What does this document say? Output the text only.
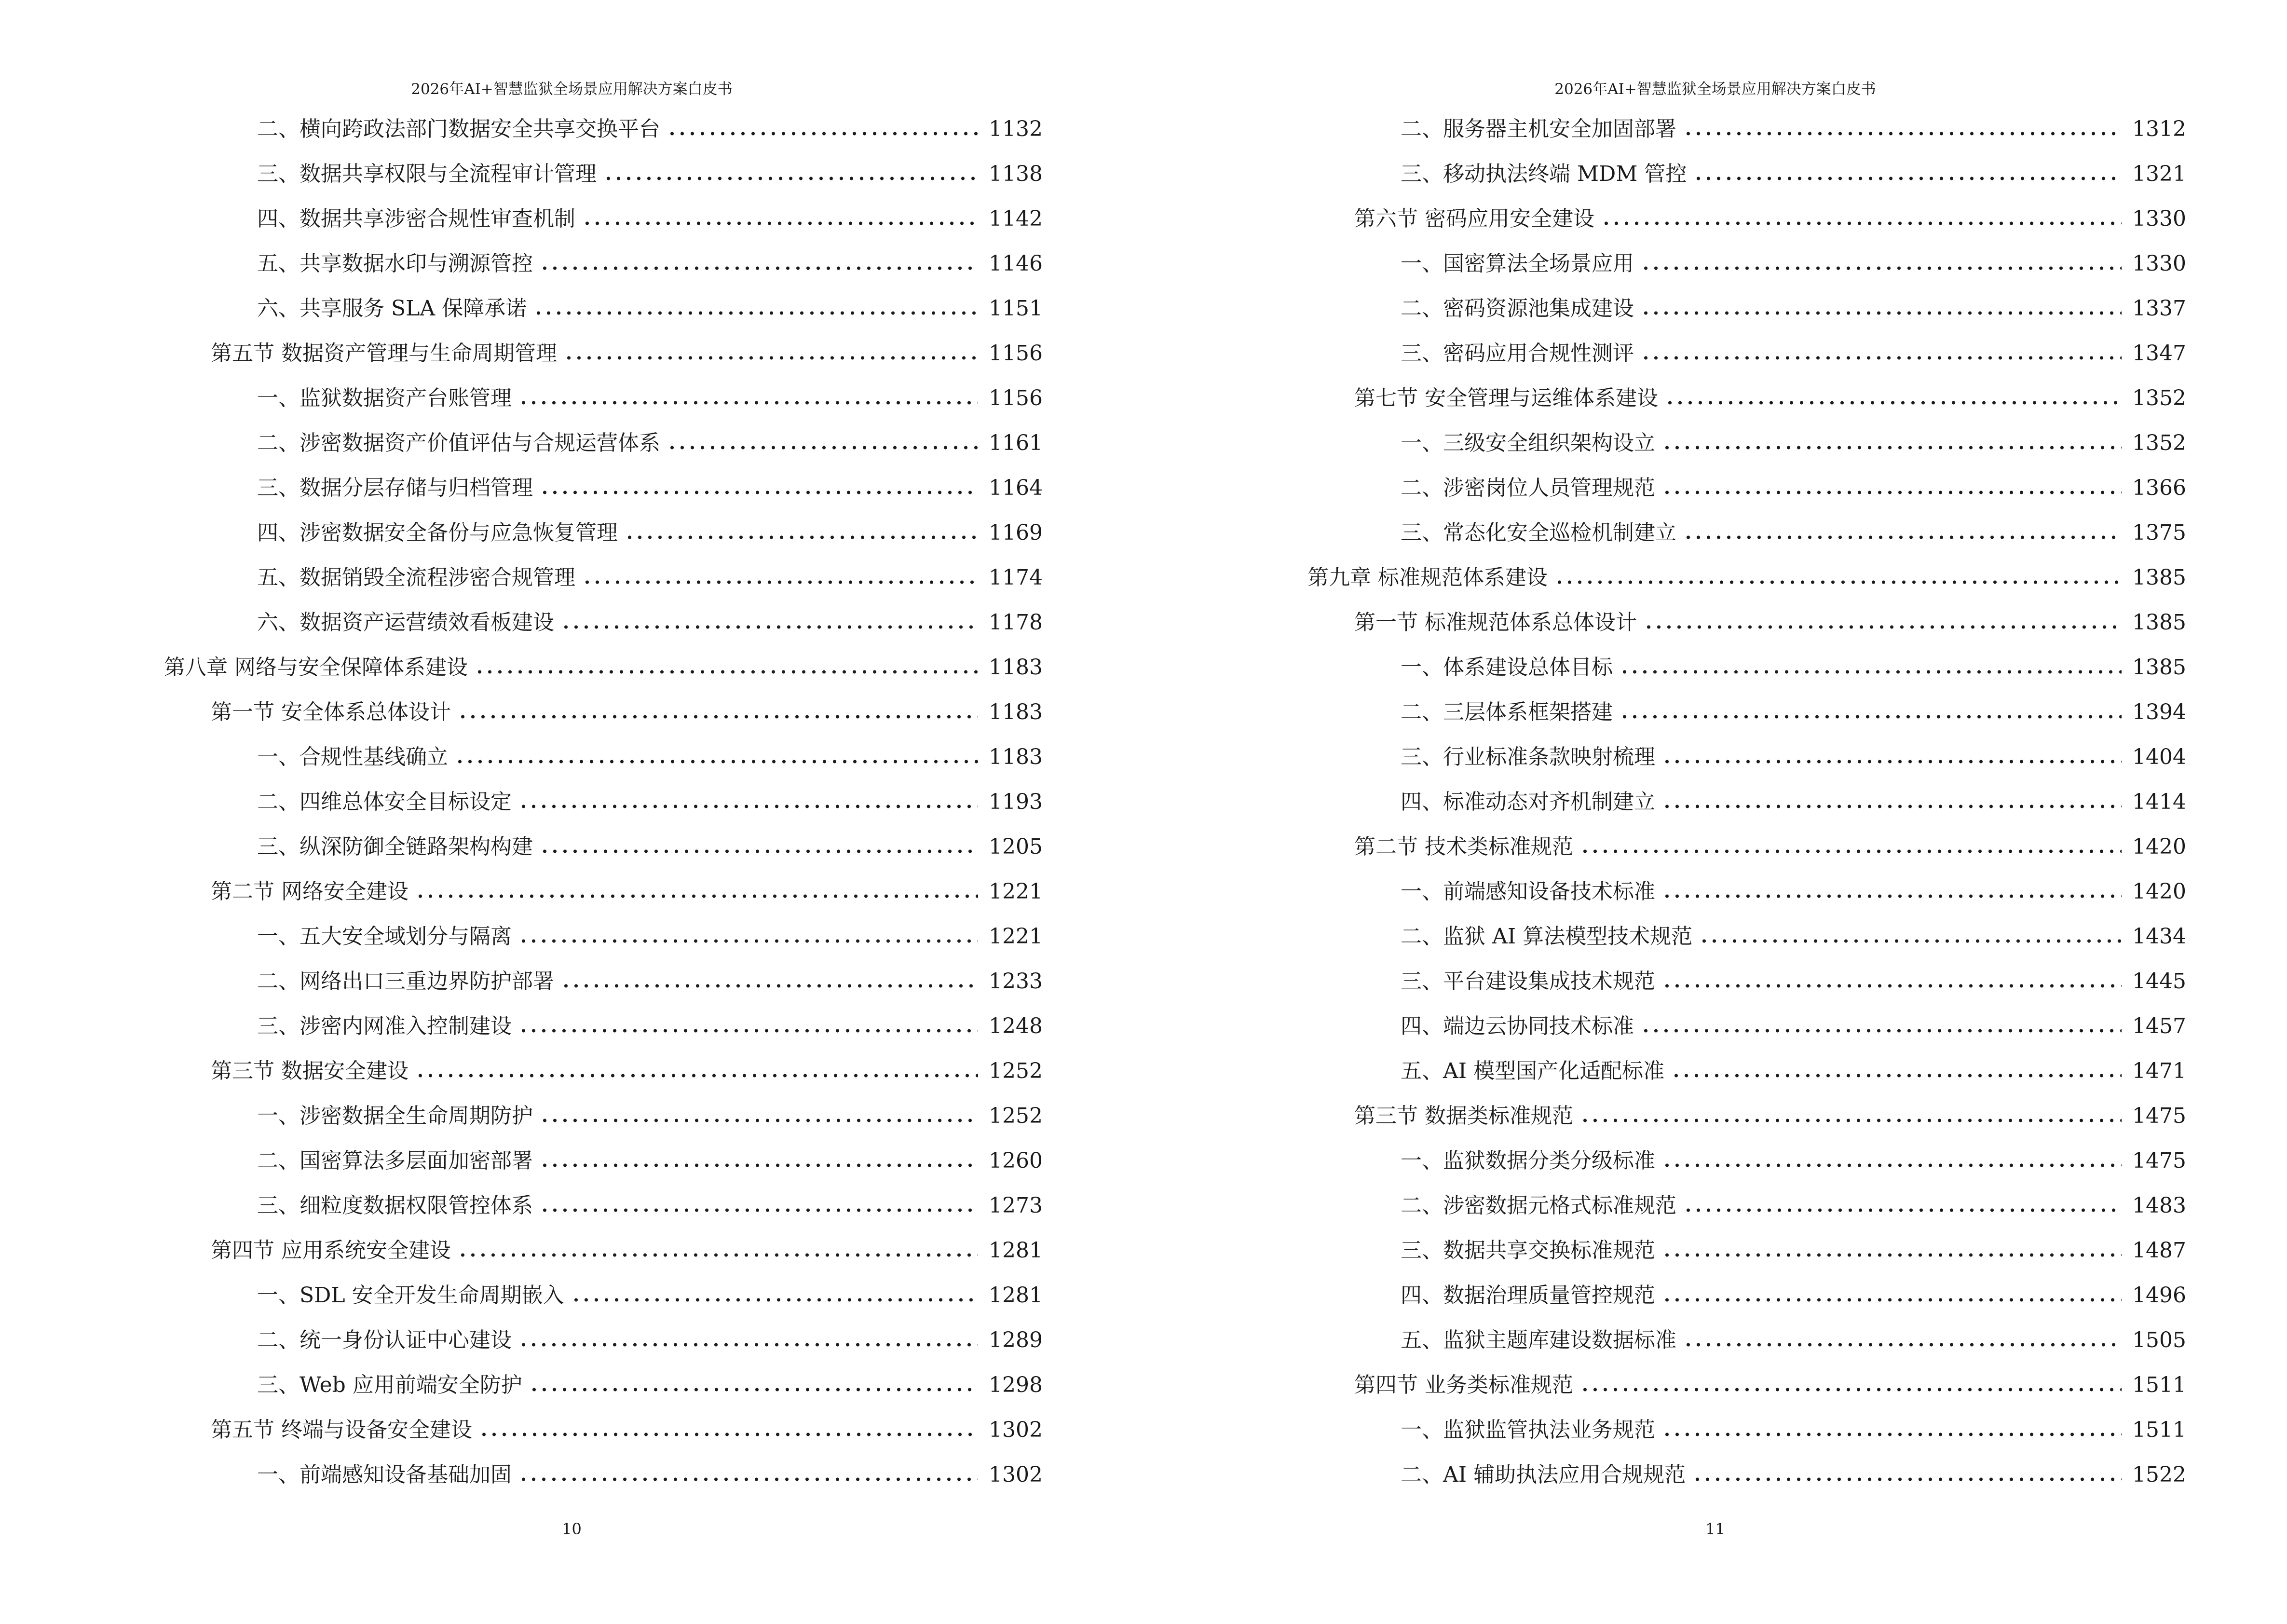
2026年AI+智慧监狱全场景应用解决方案白皮书
二、横向跨政法部门数据安全共享交换平台	1132
三、数据共享权限与全流程审计管理	1138
四、数据共享涉密合规性审查机制	1142
五、共享数据水印与溯源管控	1146
六、共享服务 SLA 保障承诺	1151
第五节 数据资产管理与生命周期管理	1156
一、监狱数据资产台账管理	1156
二、涉密数据资产价值评估与合规运营体系	1161
三、数据分层存储与归档管理	1164
四、涉密数据安全备份与应急恢复管理	1169
五、数据销毁全流程涉密合规管理	1174
六、数据资产运营绩效看板建设	1178
第八章 网络与安全保障体系建设	1183
第一节 安全体系总体设计	1183
一、合规性基线确立	1183
二、四维总体安全目标设定	1193
三、纵深防御全链路架构构建	1205
第二节 网络安全建设	1221
一、五大安全域划分与隔离	1221
二、网络出口三重边界防护部署	1233
三、涉密内网准入控制建设	1248
第三节 数据安全建设	1252
一、涉密数据全生命周期防护	1252
二、国密算法多层面加密部署	1260
三、细粒度数据权限管控体系	1273
第四节 应用系统安全建设	1281
一、SDL 安全开发生命周期嵌入	1281
二、统一身份认证中心建设	1289
三、Web 应用前端安全防护	1298
第五节 终端与设备安全建设	1302
一、前端感知设备基础加固	1302
10
2026年AI+智慧监狱全场景应用解决方案白皮书
二、服务器主机安全加固部署	1312
三、移动执法终端 MDM 管控	1321
第六节 密码应用安全建设	1330
一、国密算法全场景应用	1330
二、密码资源池集成建设	1337
三、密码应用合规性测评	1347
第七节 安全管理与运维体系建设	1352
一、三级安全组织架构设立	1352
二、涉密岗位人员管理规范	1366
三、常态化安全巡检机制建立	1375
第九章 标准规范体系建设	1385
第一节 标准规范体系总体设计	1385
一、体系建设总体目标	1385
二、三层体系框架搭建	1394
三、行业标准条款映射梳理	1404
四、标准动态对齐机制建立	1414
第二节 技术类标准规范	1420
一、前端感知设备技术标准	1420
二、监狱 AI 算法模型技术规范	1434
三、平台建设集成技术规范	1445
四、端边云协同技术标准	1457
五、AI 模型国产化适配标准	1471
第三节 数据类标准规范	1475
一、监狱数据分类分级标准	1475
二、涉密数据元格式标准规范	1483
三、数据共享交换标准规范	1487
四、数据治理质量管控规范	1496
五、监狱主题库建设数据标准	1505
第四节 业务类标准规范	1511
一、监狱监管执法业务规范	1511
二、AI 辅助执法应用合规规范	1522
11
